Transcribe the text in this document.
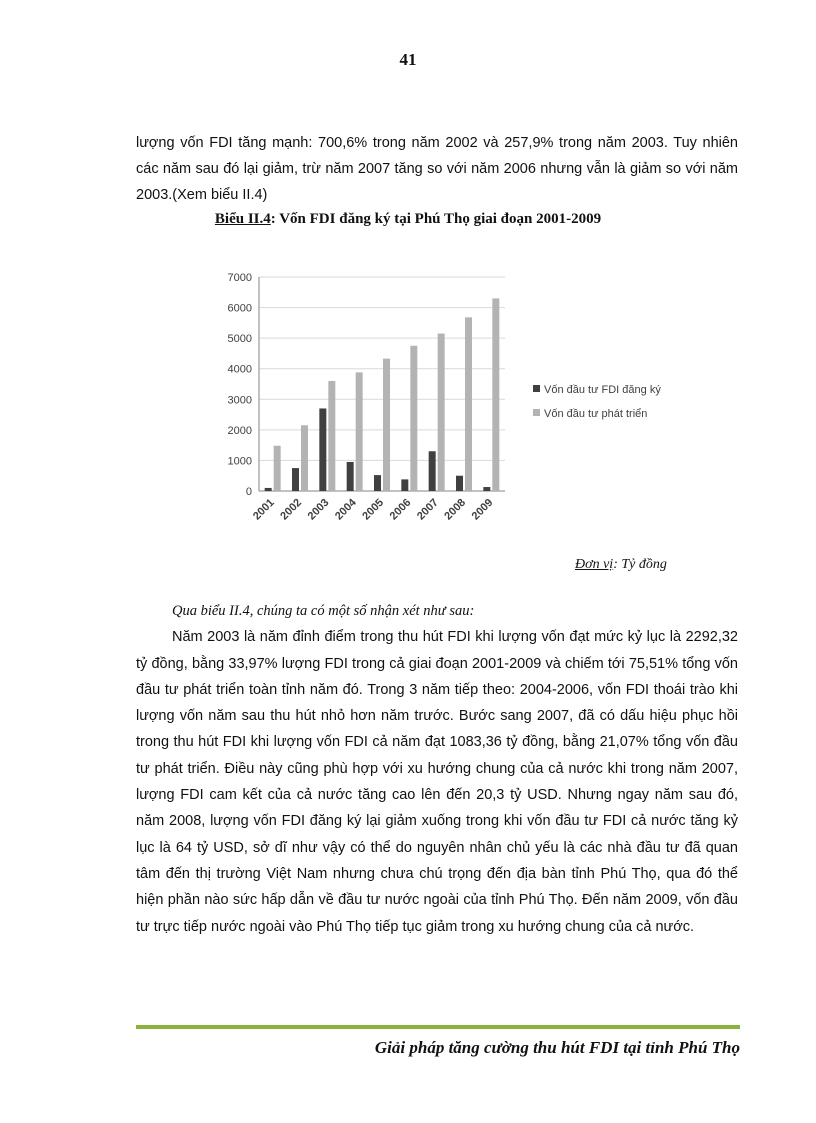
41
lượng vốn FDI tăng mạnh: 700,6% trong năm 2002 và 257,9% trong năm 2003. Tuy nhiên các năm sau đó lại giảm, trừ năm 2007 tăng so với năm 2006 nhưng vẫn là giảm so với năm 2003.(Xem biểu II.4)
Biểu II.4: Vốn FDI đăng ký tại Phú Thọ giai đoạn 2001-2009
0
1000
2000
3000
4000
5000
6000
7000
2001 2002 2003 2004 2005 2006 2007 2008 2009
Vốn đầu tư FDI đăng ký
Vốn đầu tư phát triển
Đơn vị: Tỷ đồng

Qua biểu II.4, chúng ta có một số nhận xét như sau:

Năm 2003 là năm đỉnh điểm trong thu hút FDI khi lượng vốn đạt mức kỷ lục là 2292,32 tỷ đồng, bằng 33,97% lượng FDI trong cả giai đoạn 2001-2009 và chiếm tới 75,51% tổng vốn đầu tư phát triển toàn tỉnh năm đó. Trong 3 năm tiếp theo: 2004-2006, vốn FDI thoái trào khi lượng vốn năm sau thu hút nhỏ hơn năm trước. Bước sang 2007, đã có dấu hiệu phục hồi trong thu hút FDI khi lượng vốn FDI cả năm đạt 1083,36 tỷ đồng, bằng 21,07% tổng vốn đầu tư phát triển. Điều này cũng phù hợp với xu hướng chung của cả nước khi trong năm 2007, lượng FDI cam kết của cả nước tăng cao lên đến 20,3 tỷ USD. Nhưng ngay năm sau đó, năm 2008, lượng vốn FDI đăng ký lại giảm xuống trong khi vốn đầu tư FDI cả nước tăng kỷ lục là 64 tỷ USD, sở dĩ như vậy có thể do nguyên nhân chủ yếu là các nhà đầu tư đã quan tâm đến thị trường Việt Nam nhưng chưa chú trọng đến địa bàn tỉnh Phú Thọ, qua đó thể hiện phần nào sức hấp dẫn về đầu tư nước ngoài của tỉnh Phú Thọ. Đến năm 2009, vốn đầu tư trực tiếp nước ngoài vào Phú Thọ tiếp tục giảm trong xu hướng chung của cả nước.

Giải pháp tăng cường thu hút FDI tại tỉnh Phú Thọ
